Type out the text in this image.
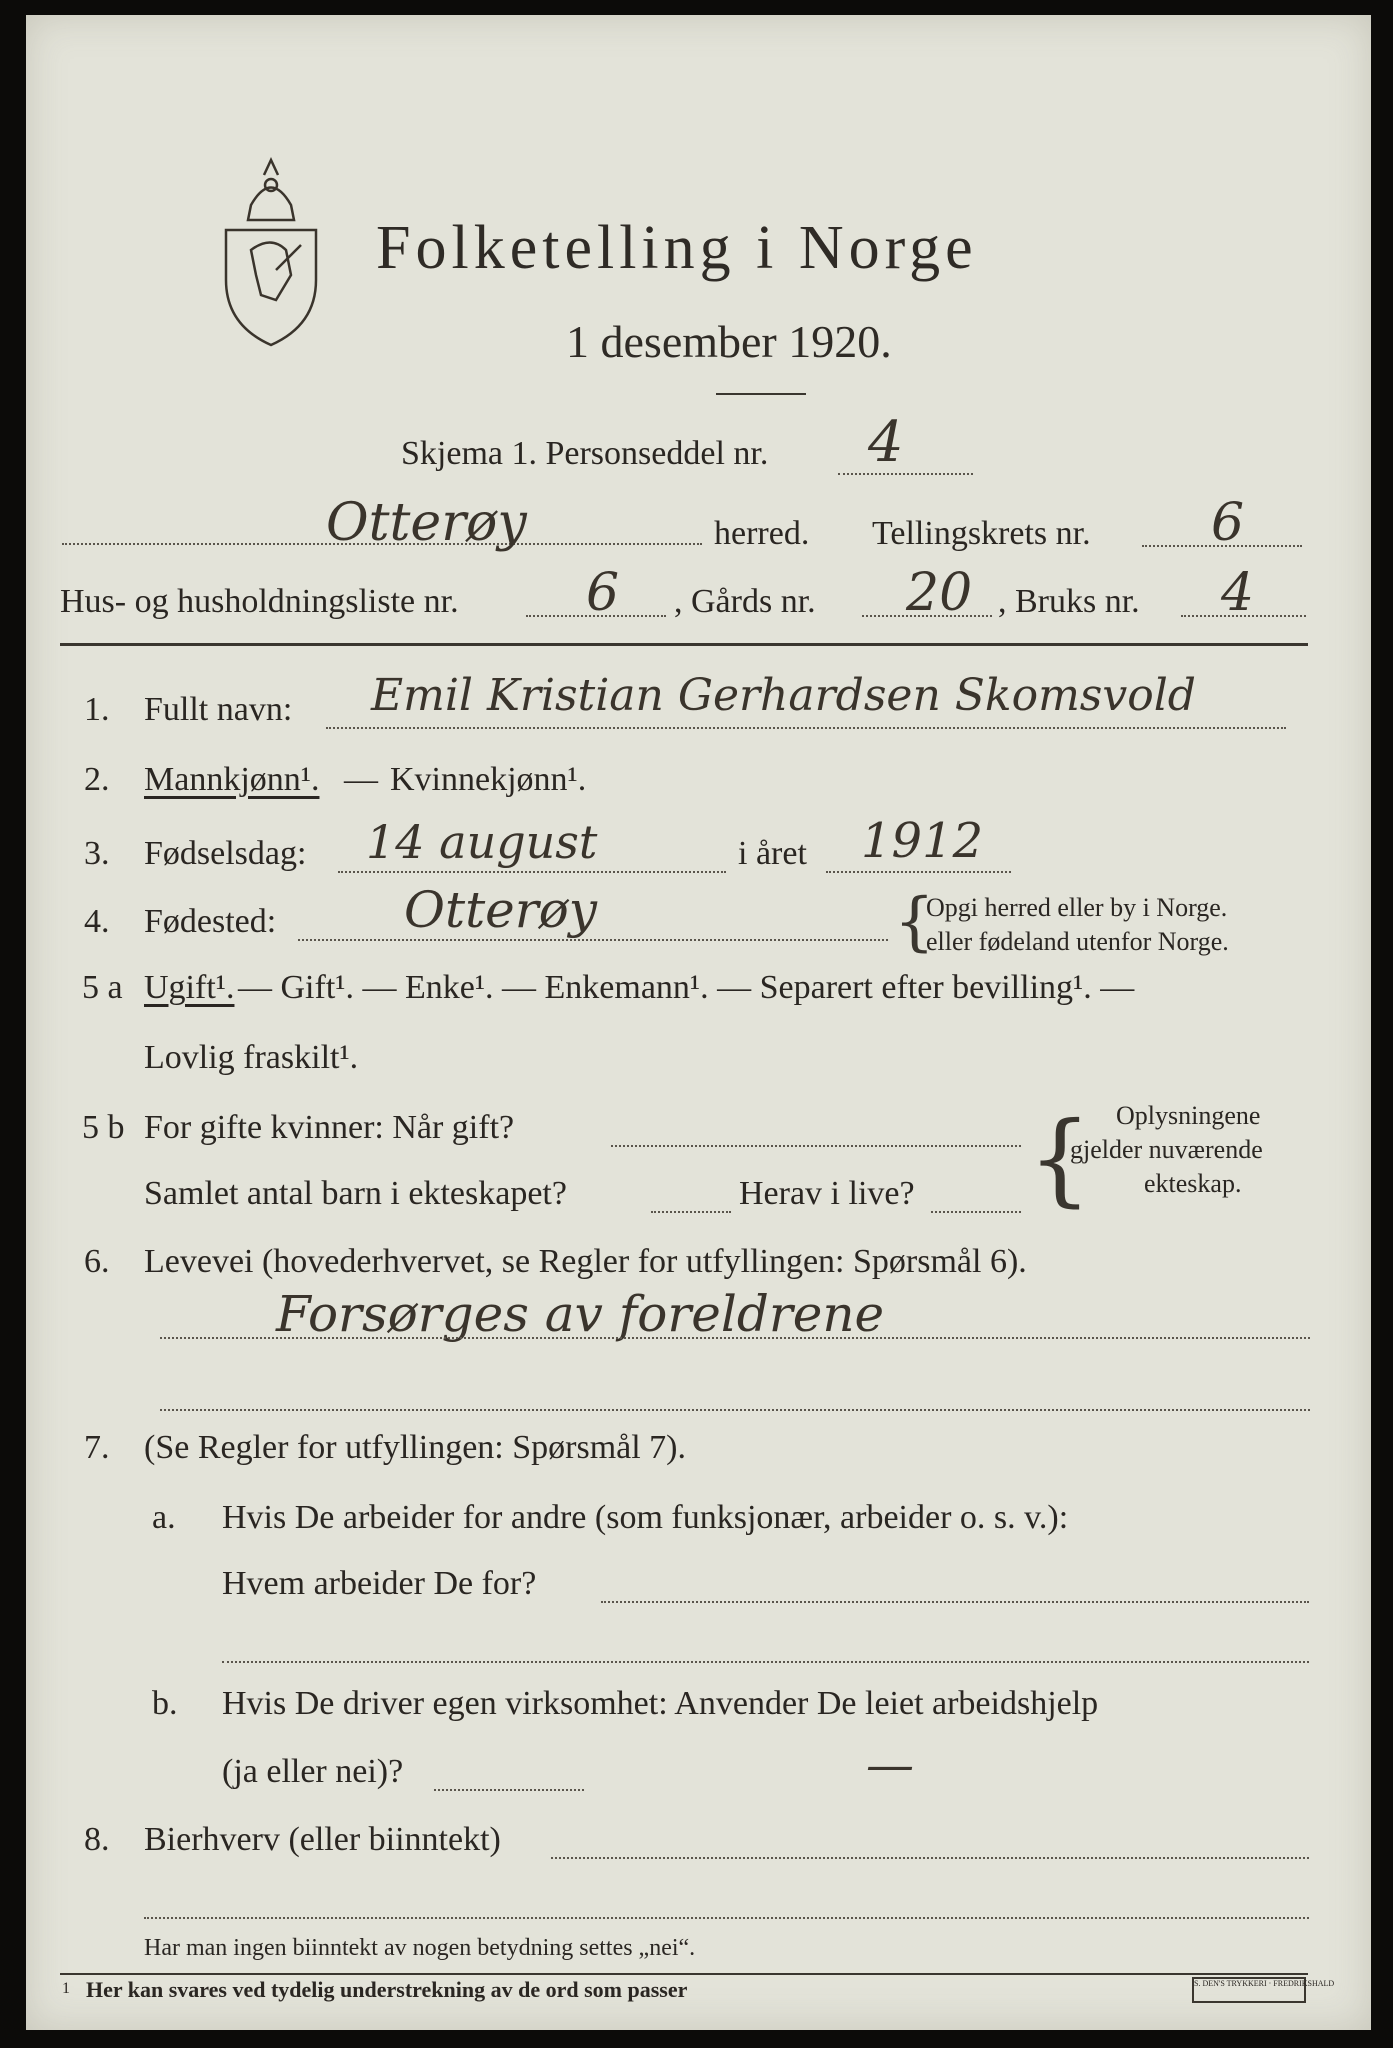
Folketelling i Norge
1 desember 1920.
Skjema 1. Personseddel nr. 4
Otterøy	herred. Tellingskrets nr. 6
Hus- og husholdningsliste nr. 6 , Gårds nr. 20 , Bruks nr. 4
1. Fullt navn: Emil Kristian Gerhardsen Skomsvold
2. Mannkjønn¹. — Kvinnekjønn¹.
3. Fødselsdag: 14 august	i året 1912
4. Fødested:	Otterøy	{
Opgi herred eller by i Norge.
eller fødeland utenfor Norge.
5 a Ugift¹. — Gift¹. — Enke¹. — Enkemann¹. — Separert efter bevilling¹. —
Lovlig fraskilt¹.
5 b For gifte kvinner: Når gift?
Samlet antal barn i ekteskapet?	Herav i live? { Oplysningene
gjelder nuværende
ekteskap.
6. Levevei (hovederhvervet, se Regler for utfyllingen: Spørsmål 6).
Forsørges av foreldrene
7. (Se Regler for utfyllingen: Spørsmål 7).
a. Hvis De arbeider for andre (som funksjonær, arbeider o. s. v.):
Hvem arbeider De for?
b. Hvis De driver egen virksomhet: Anvender De leiet arbeidshjelp
(ja eller nei)?	—
8. Bierhverv (eller biinntekt)
Har man ingen biinntekt av nogen betydning settes „nei“.
1 Her kan svares ved tydelig understrekning av de ord som passer	S. DEN'S TRYKKERI · FREDRIKSHALD
